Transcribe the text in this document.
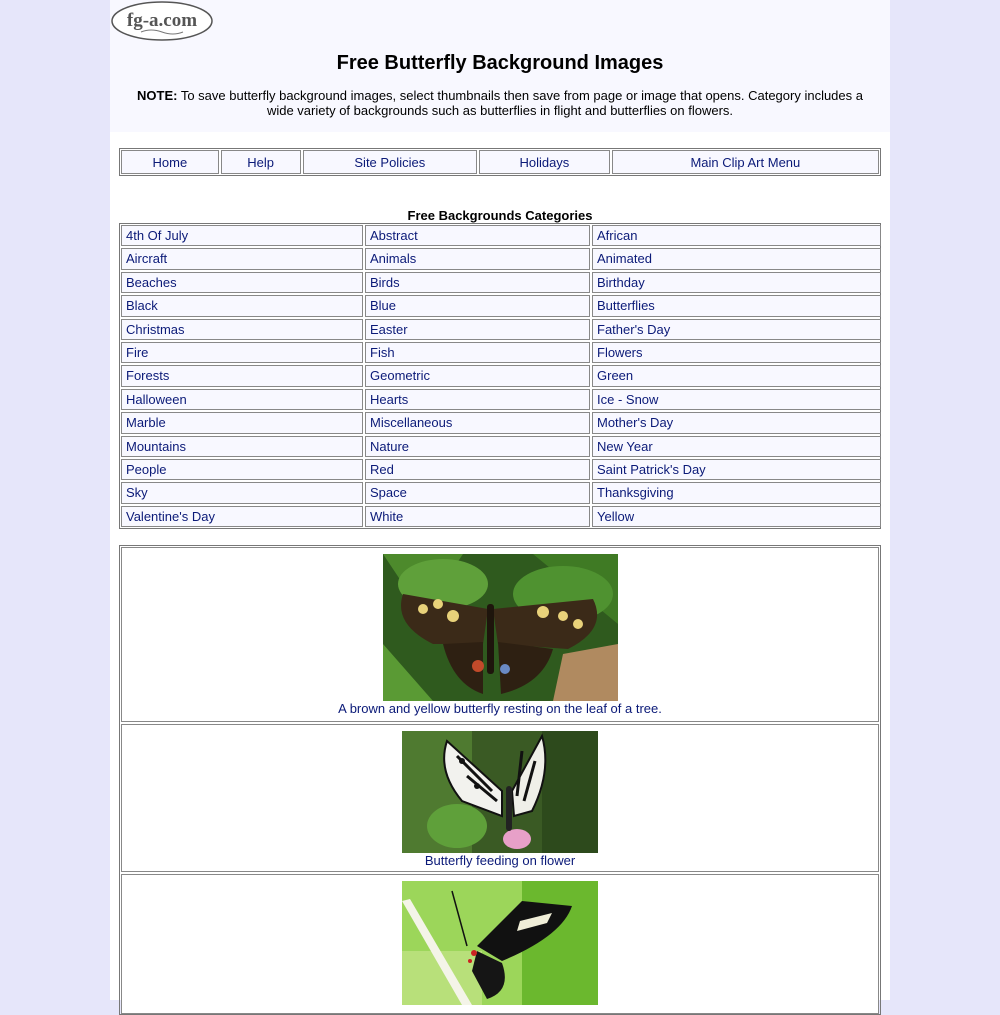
fg-a.com
Free Butterfly Background Images
NOTE: To save butterfly background images, select thumbnails then save from page or image that opens. Category includes a wide variety of backgrounds such as butterflies in flight and butterflies on flowers.
Home	Help	Site Policies	Holidays	Main Clip Art Menu
Free Backgrounds Categories
4th Of July	Abstract	African
Aircraft	Animals	Animated
Beaches	Birds	Birthday
Black	Blue	Butterflies
Christmas	Easter	Father's Day
Fire	Fish	Flowers
Forests	Geometric	Green
Halloween	Hearts	Ice - Snow
Marble	Miscellaneous	Mother's Day
Mountains	Nature	New Year
People	Red	Saint Patrick's Day
Sky	Space	Thanksgiving
Valentine's Day	White	Yellow
A brown and yellow butterfly resting on the leaf of a tree.
Butterfly feeding on flower
